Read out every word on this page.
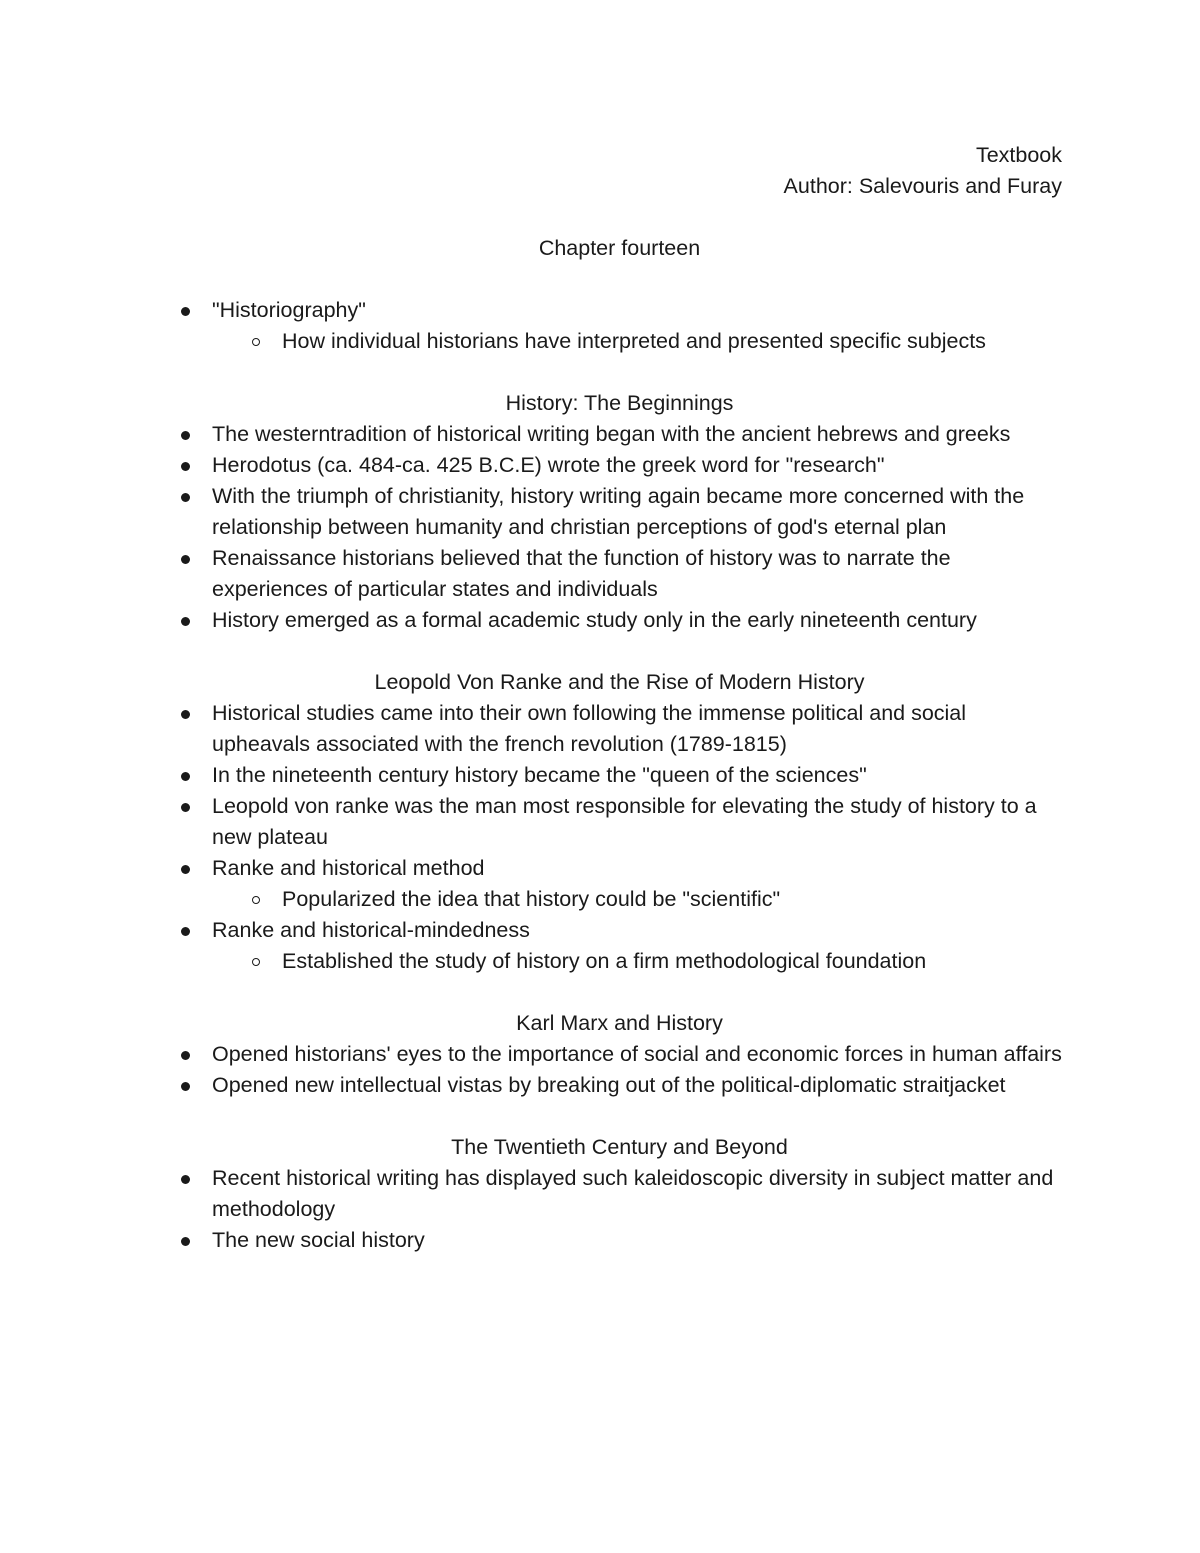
Textbook
Author: Salevouris and Furay
Chapter fourteen
"Historiography"
How individual historians have interpreted and presented specific subjects
History: The Beginnings
The westerntradition of historical writing began with the ancient hebrews and greeks
Herodotus (ca. 484-ca. 425 B.C.E) wrote the greek word for "research"
With the triumph of christianity, history writing again became more concerned with the relationship between humanity and christian perceptions of god's eternal plan
Renaissance historians believed that the function of history was to narrate the experiences of particular states and individuals
History emerged as a formal academic study only in the early nineteenth century
Leopold Von Ranke and the Rise of Modern History
Historical studies came into their own following the immense political and social upheavals associated with the french revolution (1789-1815)
In the nineteenth century history became the "queen of the sciences"
Leopold von ranke was the man most responsible for elevating the study of history to a new plateau
Ranke and historical method
Popularized the idea that history could be "scientific"
Ranke and historical-mindedness
Established the study of history on a firm methodological foundation
Karl Marx and History
Opened historians' eyes to the importance of social and economic forces in human affairs
Opened new intellectual vistas by breaking out of the political-diplomatic straitjacket
The Twentieth Century and Beyond
Recent historical writing has displayed such kaleidoscopic diversity in subject matter and methodology
The new social history
